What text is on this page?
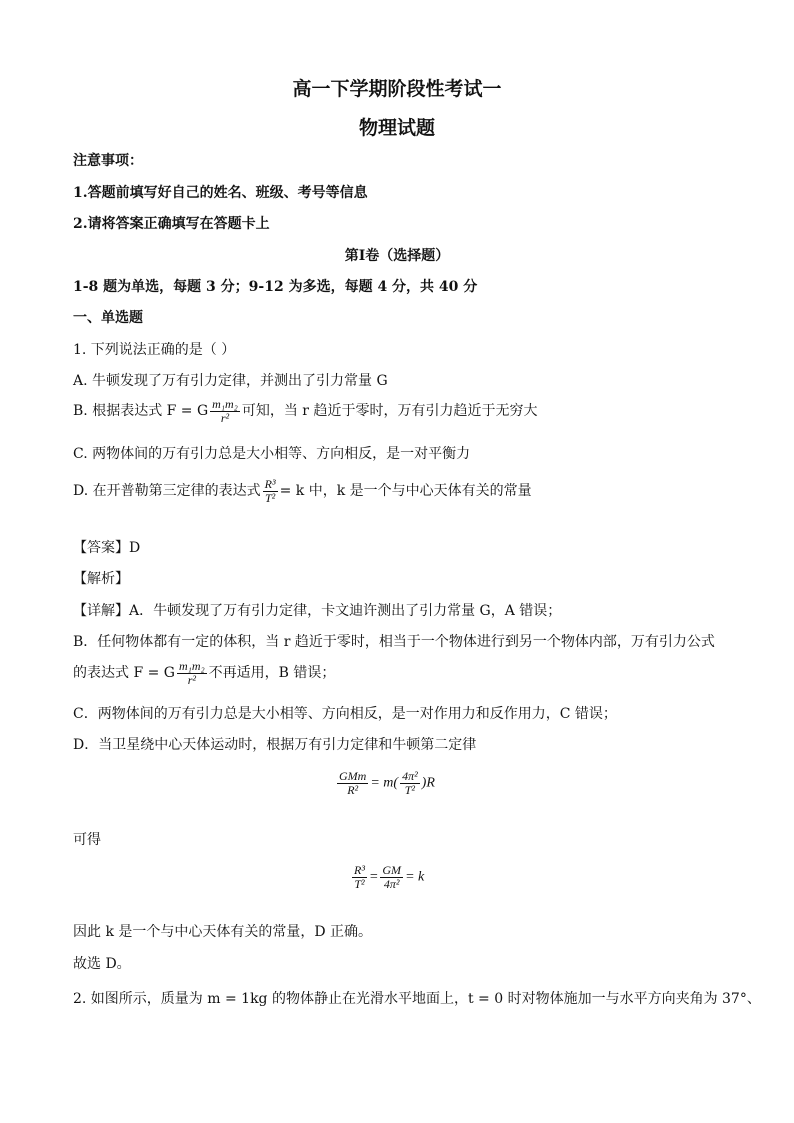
高一下学期阶段性考试一
物理试题
注意事项：
1.答题前填写好自己的姓名、班级、考号等信息
2.请将答案正确填写在答题卡上
第Ⅰ卷（选择题）
1-8 题为单选，每题 3 分；9-12 为多选，每题 4 分，共 40 分
一、单选题
1. 下列说法正确的是（ ）
A. 牛顿发现了万有引力定律，并测出了引力常量 G
B. 根据表达式 F = G $\frac{\text{m₁m₂}}{\text{r²}}$ 可知，当 r 趋近于零时，万有引力趋近于无穷大
C. 两物体间的万有引力总是大小相等、方向相反，是一对平衡力
D. 在开普勒第三定律的表达式 $\frac{\text{R³}}{\text{T²}} = k$ 中，k 是一个与中心天体有关的常量
【答案】D
【解析】
【详解】A．牛顿发现了万有引力定律，卡文迪许测出了引力常量 G，A 错误；
B．任何物体都有一定的体积，当 r 趋近于零时，相当于一个物体进行到另一个物体内部，万有引力公式
的表达式 F = G $\frac{\text{m₁m₂}}{\text{r²}}$ 不再适用，B 错误；
C．两物体间的万有引力总是大小相等、方向相反，是一对作用力和反作用力，C 错误；
D．当卫星绕中心天体运动时，根据万有引力定律和牛顿第二定律
$\frac{\text{GMm}}{\text{R²}} = m( \frac{\text{4π²}}{\text{T²}} )R$
可得
$\frac{\text{R³}}{\text{T²}} = \frac{GM}{\text{4π²}} = k$
因此 k 是一个与中心天体有关的常量，D 正确。
故选 D。
2. 如图所示，质量为 m = 1kg 的物体静止在光滑水平地面上，t = 0 时对物体施加一与水平方向夹角为 37°、
